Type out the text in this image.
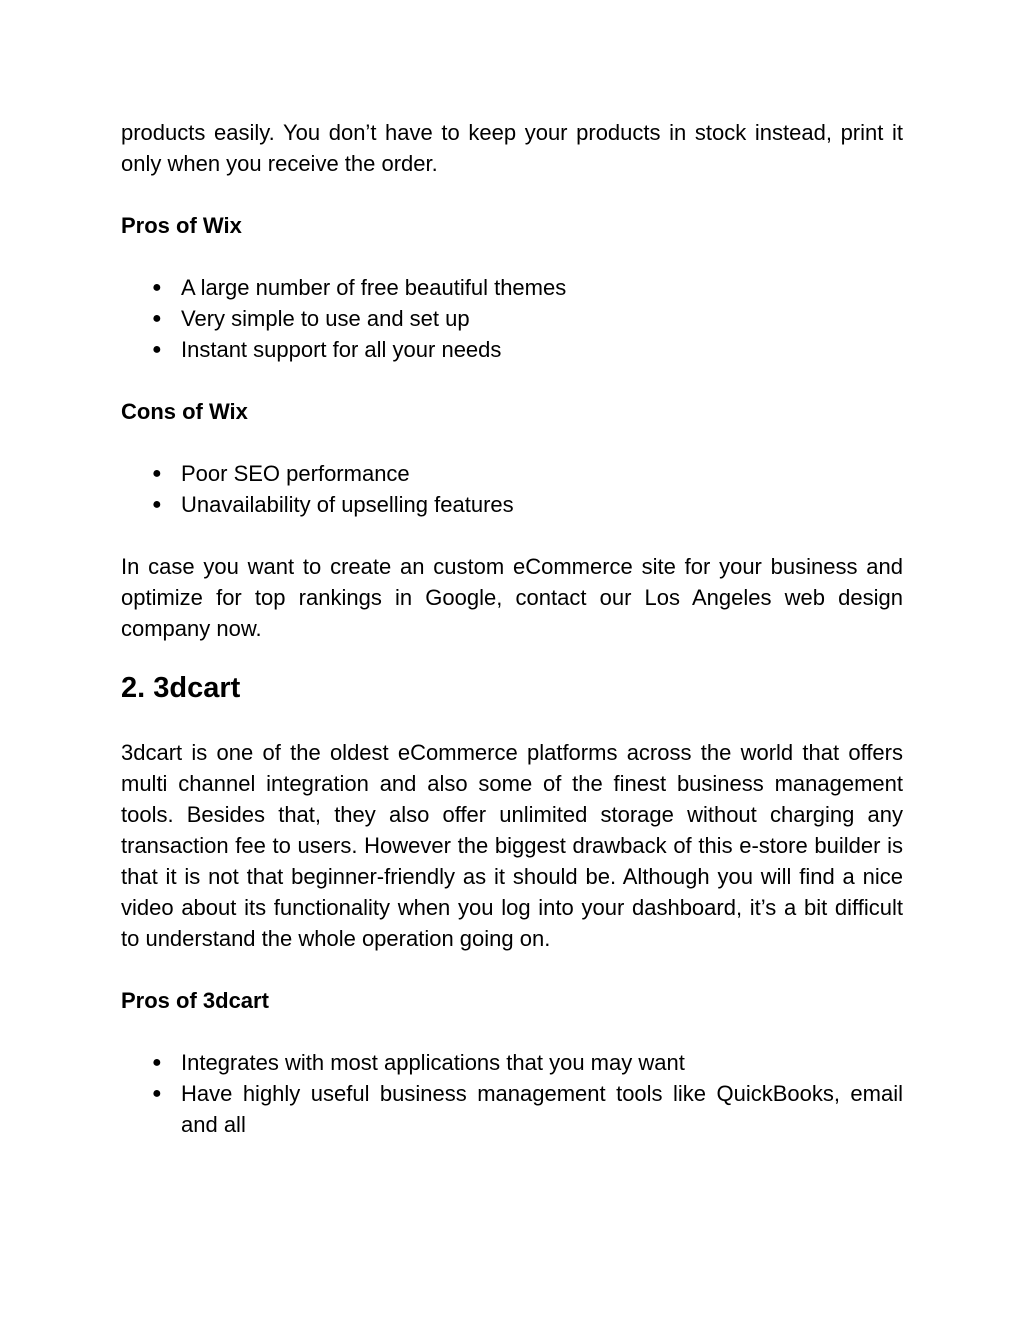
products easily. You don’t have to keep your products in stock instead, print it only when you receive the order.

Pros of Wix

● A large number of free beautiful themes
● Very simple to use and set up
● Instant support for all your needs

Cons of Wix

● Poor SEO performance
● Unavailability of upselling features

In case you want to create an custom eCommerce site for your business and optimize for top rankings in Google, contact our Los Angeles web design company now.

2. 3dcart

3dcart is one of the oldest eCommerce platforms across the world that offers multi channel integration and also some of the finest business management tools. Besides that, they also offer unlimited storage without charging any transaction fee to users. However the biggest drawback of this e-store builder is that it is not that beginner-friendly as it should be. Although you will find a nice video about its functionality when you log into your dashboard, it’s a bit difficult to understand the whole operation going on.

Pros of 3dcart

● Integrates with most applications that you may want
● Have highly useful business management tools like QuickBooks, email and all
